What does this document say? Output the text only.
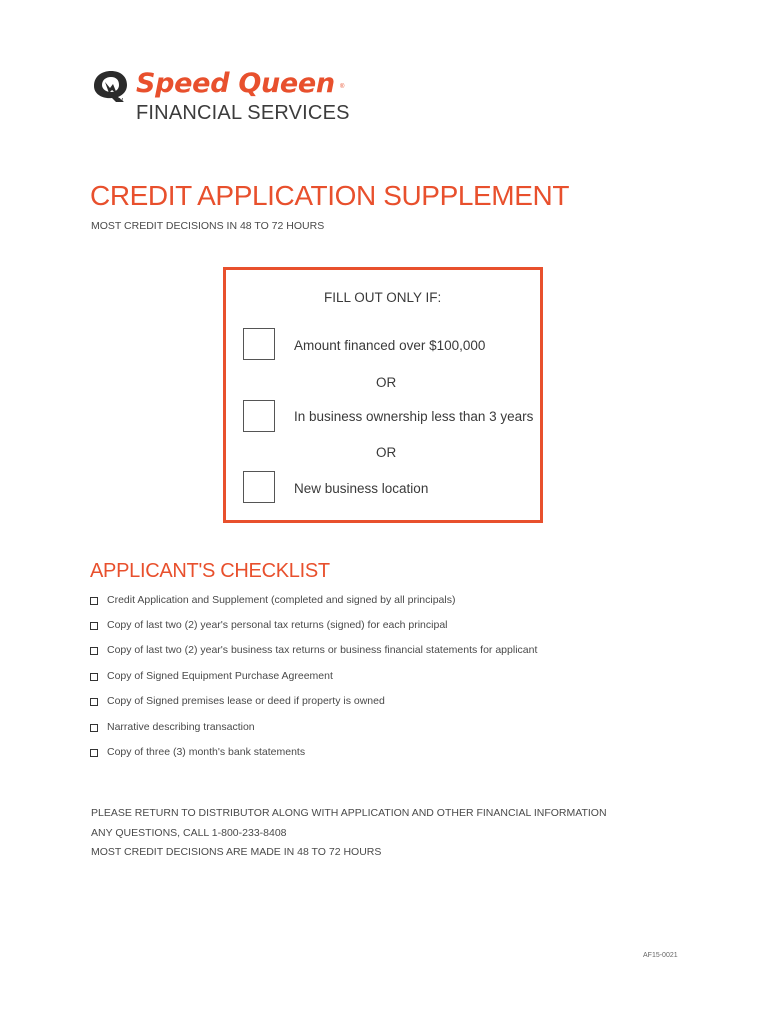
TM
Speed Queen ®
FINANCIAL SERVICES
CREDIT APPLICATION SUPPLEMENT
MOST CREDIT DECISIONS IN 48 TO 72 HOURS
FILL OUT ONLY IF:
Amount financed over $100,000
OR
In business ownership less than 3 years
OR
New business location
APPLICANT'S CHECKLIST
Credit Application and Supplement (completed and signed by all principals)
Copy of last two (2) year's personal tax returns (signed) for each principal
Copy of last two (2) year's business tax returns or business financial statements for applicant
Copy of Signed Equipment Purchase Agreement
Copy of Signed premises lease or deed if property is owned
Narrative describing transaction
Copy of three (3) month's bank statements
PLEASE RETURN TO DISTRIBUTOR ALONG WITH APPLICATION AND OTHER FINANCIAL INFORMATION
ANY QUESTIONS, CALL 1-800-233-8408
MOST CREDIT DECISIONS ARE MADE IN 48 TO 72 HOURS
AF15-0021
